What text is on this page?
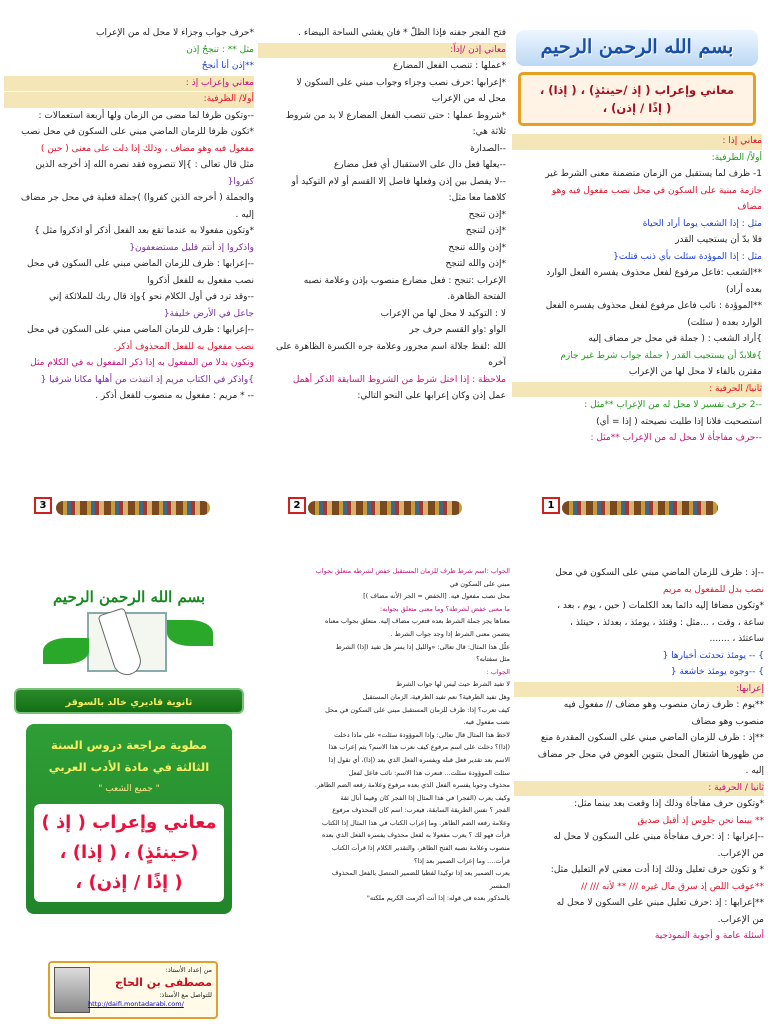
بسم الله الرحمن الرحيم
معاني وإعراب ( إذ /حينئذٍ) ، ( إذا) ،
( إذًا / إذن) ،
معاني إذا :
أولاً/ الظرفية:
1- ظرف لما يستقبل من الزمان متضمنة معنى الشرط غير
جازمة مبنية على السكون في محل نصب مفعول فيه وهو
مضاف
مثل : إذا الشعب يوما أراد الحياة
فلا بدّ أن يستجيب القدر
مثل : إذا الموؤدة سئلت بأي ذنب قتلت{
**الشعب :فاعل مرفوع لفعل محذوف يفسره الفعل الوارد
بعده أراد)
**الموؤدة : نائب فاعل مرفوع لفعل محذوف يفسره الفعل
الوارد بعده ( سئلت)
}أراد الشعب : ( جملة في محل جر مضاف إليه
}فلابدّ أن يستجيب القدر ( جملة جواب شرط غير جازم
مقترن بالفاء لا محل لها من الإعراب
ثانيا/ الحرفية :
--2 حرف تفسير لا محل له من الإعراب **مثل :
استصحبت فلانا إذا طلبت نصيحته ( إذا = أي)
--حرف مفاجأة لا محل له من الإعراب **مثل :
1
فتح الفجر جفنه فإذا الظلّ * فان يغشي الساحة البيضاء .
معاني إذن /إذاً:
*عملها : تنصب الفعل المضارع
*إعرابها :حرف نصب وجزاء وجواب مبني على السكون لا
محل له من الإعراب
*شروط عملها : حتى تنصب الفعل المضارع لا بد من شروط
ثلاثة هي:
--الصدارة
--يعلها فعل دال على الاستقبال أي فعل مضارع
--لا يفصل بين إذن وفعلها فاصل إلا القسم أو لام التوكيد أو
كلاهما معا مثل:
*إذن تنجح
*إذن لتنجح
*إذن والله تنجح
*إذن والله لتنجح
الإعراب :تنجح : فعل مضارع منصوب بإذن وعلامة نصبه
الفتحة الظاهرة.
لا : التوكيد لا محل لها من الإعراب
الواو :واو القسم حرف جر
الله :لفظ جلالة اسم مجرور وعلامة جره الكسرة الظاهرة على
آخره
ملاحظة : إذا اختل شرط من الشروط السابقة الذكر أهمل
عمل إذن وكان إعرابها على النحو التالي:
2
*حرف جواب وجزاء لا محل له من الإعراب
مثل ** : تنجحُ إذن
**إذن أنا أنجحُ
معاني وإعراب إذ :
أولا/ الظرفية:
--وتكون ظرفا لما مضى من الزمان ولها أربعة استعمالات :
*تكون ظرفا للزمان الماضي مبني على السكون في محل نصب
مفعول فيه وهو مضاف ، وذلك إذا دلت على معنى ( حين )
مثل قال تعالى : }إلا تنصروه فقد نصره الله إذ أخرجه الذين
كفروا{
والجملة ( أخرجه الذين كفروا) )جملة فعلية في محل جر مضاف
إليه .
*وتكون مفعولا به عندما تقع بعد الفعل أذكر أو اذكروا مثل }
واذكروا إذ أنتم قليل مستضعفون{
--إعرابها : ظرف للزمان الماضي مبني على السكون في محل
نصب مفعول به للفعل أذكروا
--وقد ترد في أول الكلام نحو }وإذ قال ربك للملائكة إني
جاعل في الأرض خليفة{
--إعرابها : ظرف للزمان الماضي مبني على السكون في محل
نصب مفعول به للفعل المحذوف أذكر.
وتكون بدلا من المفعول به إذا ذكر المفعول به في الكلام مثل
}واذكر في الكتاب مريم إذ انتبذت من أهلها مكانا شرقيا {
-- * مريم : مفعول به منصوب للفعل أذكر .
3
--إذ : ظرف للزمان الماضي مبني على السكون في محل
نصب بدل للمفعول به مريم
*وتكون مضافا إليه دائما بعد الكلمات ( حين ، يوم ، بعد ،
ساعة ، وقت ، ...مثل : وقتئذ ، يومئذ ، بعدئذ ، حينئذ ،
ساعتئذ ، .......
} -- يومئذ تحدثت أخبارها {
} --وجوه يومئذ خاشعة {
إعرابها:
**يوم : ظرف زمان منصوب وهو مضاف // مفعول فيه
منصوب وهو مضاف
**إذ : ظرف للزمان الماضي مبني على السكون المقدرة منع
من ظهورها اشتغال المحل بتنوين العوض في محل جر مضاف
إليه .
ثانيا / الحرفية :
*وتكون حرف مفاجأة وذلك إذا وقعت بعد بينما مثل:
** بينما نحن جلوس إذ أقبل صديق
--إعرابها : إذ :حرف مفاجأة مبني على السكون لا محل له
من الإعراب.
* و تكون حرف تعليل وذلك إذا أدت معنى لام التعليل مثل:
**عوقب اللص إذ سرق مال غيره /// ** لأنه /// //
**إعرابها : إذ :حرف تعليل مبني على السكون لا محل له
من الإعراب.
أسئلة عامة و أجوبة النموذجية
الجواب :اسم شرط ظرف للزمان المستقبل خفض لشرطه متعلق بجواب
مبني على السكون في
محل نصب مفعول فيه. [الخفض = الجر (لأنه مضاف )]
ما معنى خفض لشرطه؟ وما معنى متعلق بجوابه:
معناها يجر جملة الشرط بعده فتعرب مضاف إليه. متعلق بجواب معناه
يتضمن معنى الشرط إذا وجد جواب الشرط .
علّل هذا المثال: قال تعالى: «والليل إذا يسرِ هل تفيد (إذا) الشرط
مثل سفتابه؟
الجواب :
لا تفيد الشرط حيث ليس لها جواب الشرط
وهل تفيد الظرفية؟ نعم تفيد الظرفية، الزمان المستقبل
كيف تعرب؟ إذا: ظرف للزمان المستقبل مبني على السكون في محل
نصب مفعول فيه.
لاحظ هذا المثال قال تعالى: وإذا الموؤودة سئلت» على ماذا دخلت
(إذا)؟ دخلت على اسم مرفوع كيف نعرب هذا الاسم؟ يتم إعراب هذا
الاسم بعد تقدير فعل قبله ويفسره الفعل الذي بعد (إذا)، أي تقول إذا
سئلت الموؤودة سئلت... فنعرب هذا الاسم: نائب فاعل لفعل
محذوف وجوبا يفسره الفعل الذي بعده مرفوع وعلامة رفعه الضم الظاهر.
وكيف يعرب (الفجر) في هذا المثال إذا الفجر كان وفيما أنال ثقة
الفجر ؟ نفس الطريقة السابقة، فيعرب: اسم كان المحذوف مرفوع
وعلامة رفعه الضم الظاهر. وما إعراب الكتاب في هذا المثال إذا الكتاب
قرأت فهو لك ؟ يعرب مفعولا به لفعل محذوف يفسره الفعل الذي بعده
منصوب وعلامة نصبه الفتح الظاهر، والتقدير الكلام إذا قرأت الكتاب
قرأت.... وما إعراب الضمير بعد إذا؟
يعرب الضمير بعد إذا توكيدا لفظيا للضمير المتصل بالفعل المحذوف
المفسر
بالمذكور بعده في قوله: إذا أنت أكرمت الكريم ملكته"
بسم الله الرحمن الرحيم
ثانوية قاديري خالد بالسوقر
مطوية مراجعة دروس السنة
الثالثة في مادة الأدب العربي
" جميع الشعب "
معاني وإعراب ( إذ )
(حينئذٍ) ، ( إذا) ،
( إذًا / إذن) ،
من إعداد الأستاذ:
مصطفى بن الحاج
للتواصل مع الأستاذ:
http://daifi.montadarabi.com/
